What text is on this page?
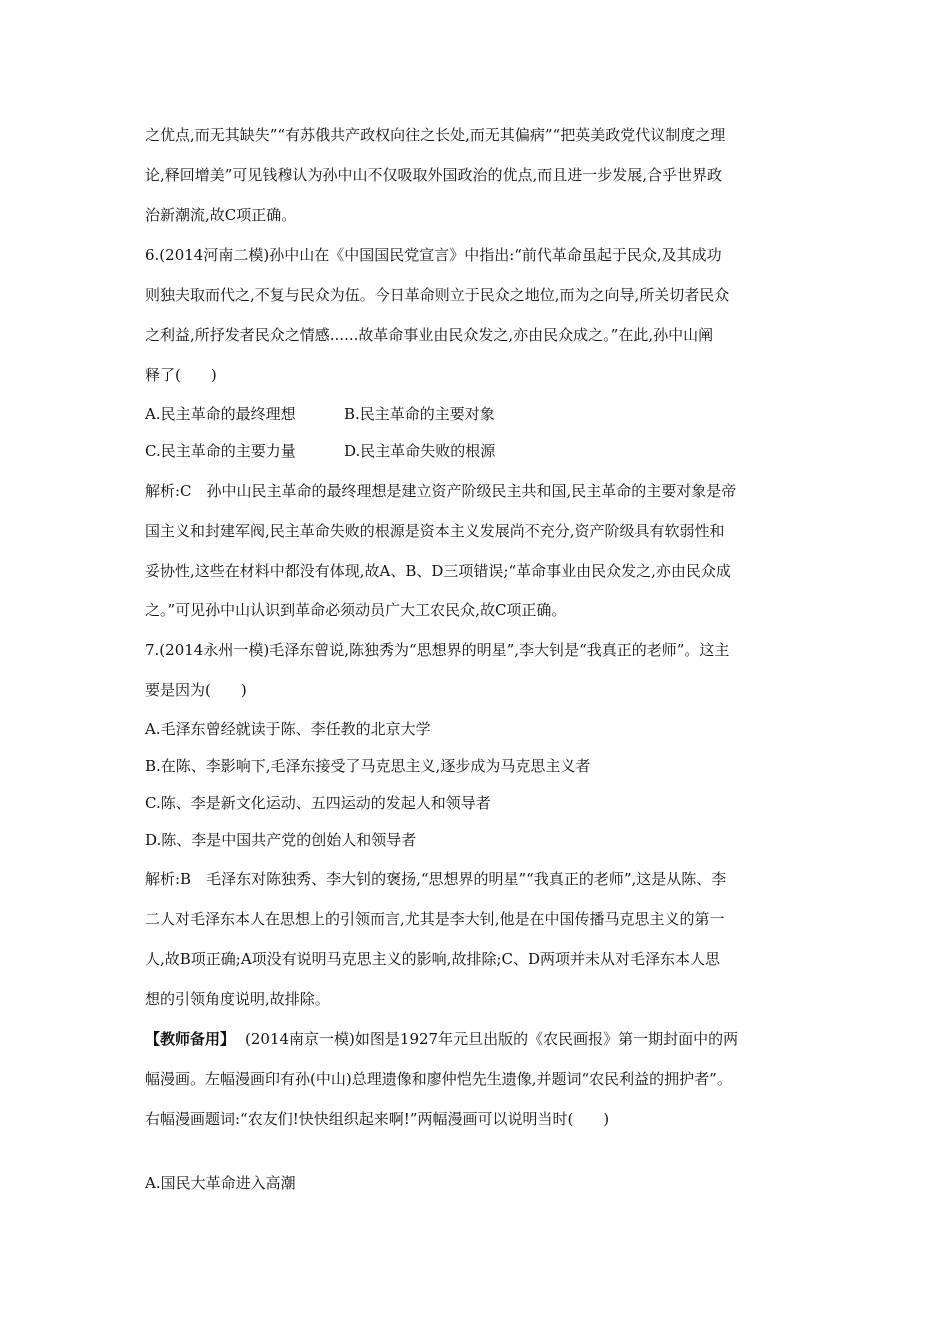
之优点,而无其缺失”“有苏俄共产政权向往之长处,而无其偏病”“把英美政党代议制度之理
论,释回增美”可见钱穆认为孙中山不仅吸取外国政治的优点,而且进一步发展,合乎世界政
治新潮流,故C项正确。
6.(2014河南二模)孙中山在《中国国民党宣言》中指出:“前代革命虽起于民众,及其成功
则独夫取而代之,不复与民众为伍。今日革命则立于民众之地位,而为之向导,所关切者民众
之利益,所抒发者民众之情感......故革命事业由民众发之,亦由民众成之。”在此,孙中山阐
释了(　　)
A.民主革命的最终理想	B.民主革命的主要对象
C.民主革命的主要力量	D.民主革命失败的根源
解析:C　孙中山民主革命的最终理想是建立资产阶级民主共和国,民主革命的主要对象是帝
国主义和封建军阀,民主革命失败的根源是资本主义发展尚不充分,资产阶级具有软弱性和
妥协性,这些在材料中都没有体现,故A、B、D三项错误;“革命事业由民众发之,亦由民众成
之。”可见孙中山认识到革命必须动员广大工农民众,故C项正确。
7.(2014永州一模)毛泽东曾说,陈独秀为“思想界的明星”,李大钊是“我真正的老师”。这主
要是因为(　　)
A.毛泽东曾经就读于陈、李任教的北京大学
B.在陈、李影响下,毛泽东接受了马克思主义,逐步成为马克思主义者
C.陈、李是新文化运动、五四运动的发起人和领导者
D.陈、李是中国共产党的创始人和领导者
解析:B　毛泽东对陈独秀、李大钊的褒扬,“思想界的明星”“我真正的老师”,这是从陈、李
二人对毛泽东本人在思想上的引领而言,尤其是李大钊,他是在中国传播马克思主义的第一
人,故B项正确;A项没有说明马克思主义的影响,故排除;C、D两项并未从对毛泽东本人思
想的引领角度说明,故排除。
【教师备用】 (2014南京一模)如图是1927年元旦出版的《农民画报》第一期封面中的两
幅漫画。左幅漫画印有孙(中山)总理遗像和廖仲恺先生遗像,并题词“农民利益的拥护者”。
右幅漫画题词:“农友们!快快组织起来啊!”两幅漫画可以说明当时(　　)
A.国民大革命进入高潮
